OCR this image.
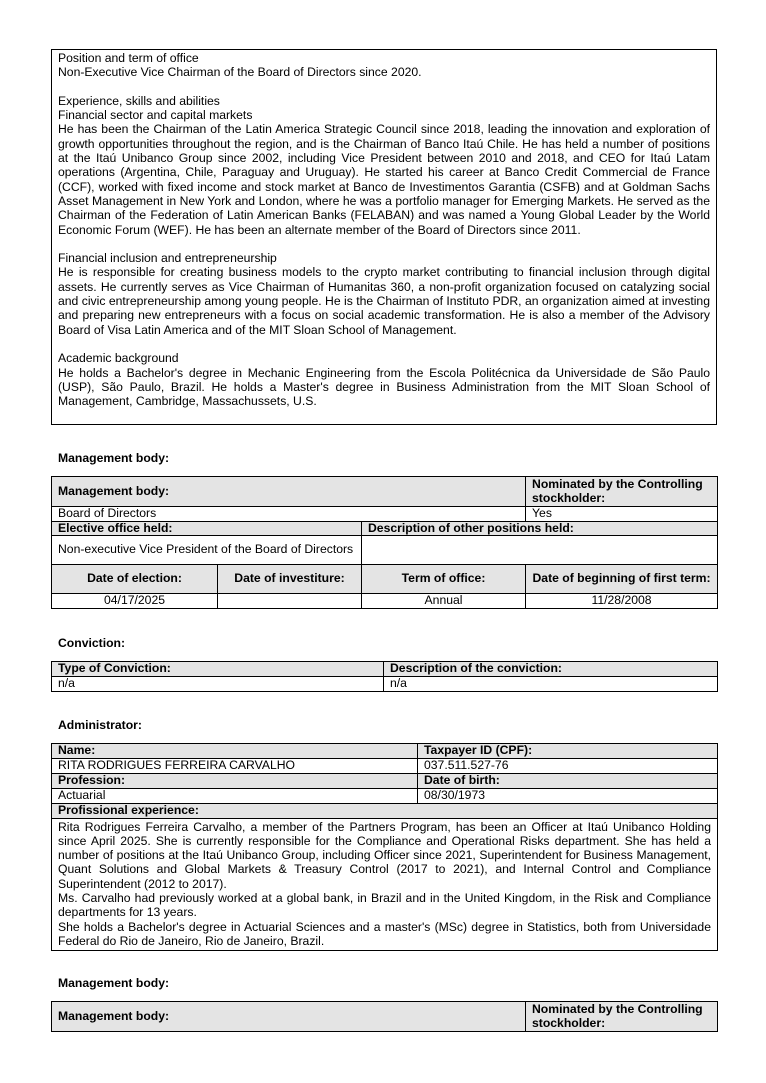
Position and term of office

Non-Executive Vice Chairman of the Board of Directors since 2020.

Experience, skills and abilities

Financial sector and capital markets

He has been the Chairman of the Latin America Strategic Council since 2018, leading the innovation and exploration of growth opportunities throughout the region, and is the Chairman of Banco Itaú Chile. He has held a number of positions at the Itaú Unibanco Group since 2002, including Vice President between 2010 and 2018, and CEO for Itaú Latam operations (Argentina, Chile, Paraguay and Uruguay). He started his career at Banco Credit Commercial de France (CCF), worked with fixed income and stock market at Banco de Investimentos Garantia (CSFB) and at Goldman Sachs Asset Management in New York and London, where he was a portfolio manager for Emerging Markets. He served as the Chairman of the Federation of Latin American Banks (FELABAN) and was named a Young Global Leader by the World Economic Forum (WEF). He has been an alternate member of the Board of Directors since 2011.

Financial inclusion and entrepreneurship

He is responsible for creating business models to the crypto market contributing to financial inclusion through digital assets. He currently serves as Vice Chairman of Humanitas 360, a non-profit organization focused on catalyzing social and civic entrepreneurship among young people. He is the Chairman of Instituto PDR, an organization aimed at investing and preparing new entrepreneurs with a focus on social academic transformation. He is also a member of the Advisory Board of Visa Latin America and of the MIT Sloan School of Management.

Academic background

He holds a Bachelor's degree in Mechanic Engineering from the Escola Politécnica da Universidade de São Paulo (USP), São Paulo, Brazil. He holds a Master's degree in Business Administration from the MIT Sloan School of Management, Cambridge, Massachussets, U.S.

Management body:
Management body:			Nominated by the Controlling stockholder:
Board of Directors			Yes
Elective office held:		Description of other positions held:	
Non-executive Vice President of the Board of Directors			
Date of election:	Date of investiture:	Term of office:	Date of beginning of first term:
04/17/2025		Annual	11/28/2008
Conviction:
Type of Conviction:	Description of the conviction:
n/a	n/a
Administrator:
Name:	Taxpayer ID (CPF):
RITA RODRIGUES FERREIRA CARVALHO	037.511.527-76
Profession:	Date of birth:
Actuarial	08/30/1973
Profissional experience:	

Rita Rodrigues Ferreira Carvalho, a member of the Partners Program, has been an Officer at Itaú Unibanco Holding since April 2025. She is currently responsible for the Compliance and Operational Risks department. She has held a number of positions at the Itaú Unibanco Group, including Officer since 2021, Superintendent for Business Management, Quant Solutions and Global Markets & Treasury Control (2017 to 2021), and Internal Control and Compliance Superintendent (2012 to 2017).

Ms. Carvalho had previously worked at a global bank, in Brazil and in the United Kingdom, in the Risk and Compliance departments for 13 years.

She holds a Bachelor's degree in Actuarial Sciences and a master's (MSc) degree in Statistics, both from Universidade Federal do Rio de Janeiro, Rio de Janeiro, Brazil.	

Management body:
Management body:	Nominated by the Controlling stockholder:
